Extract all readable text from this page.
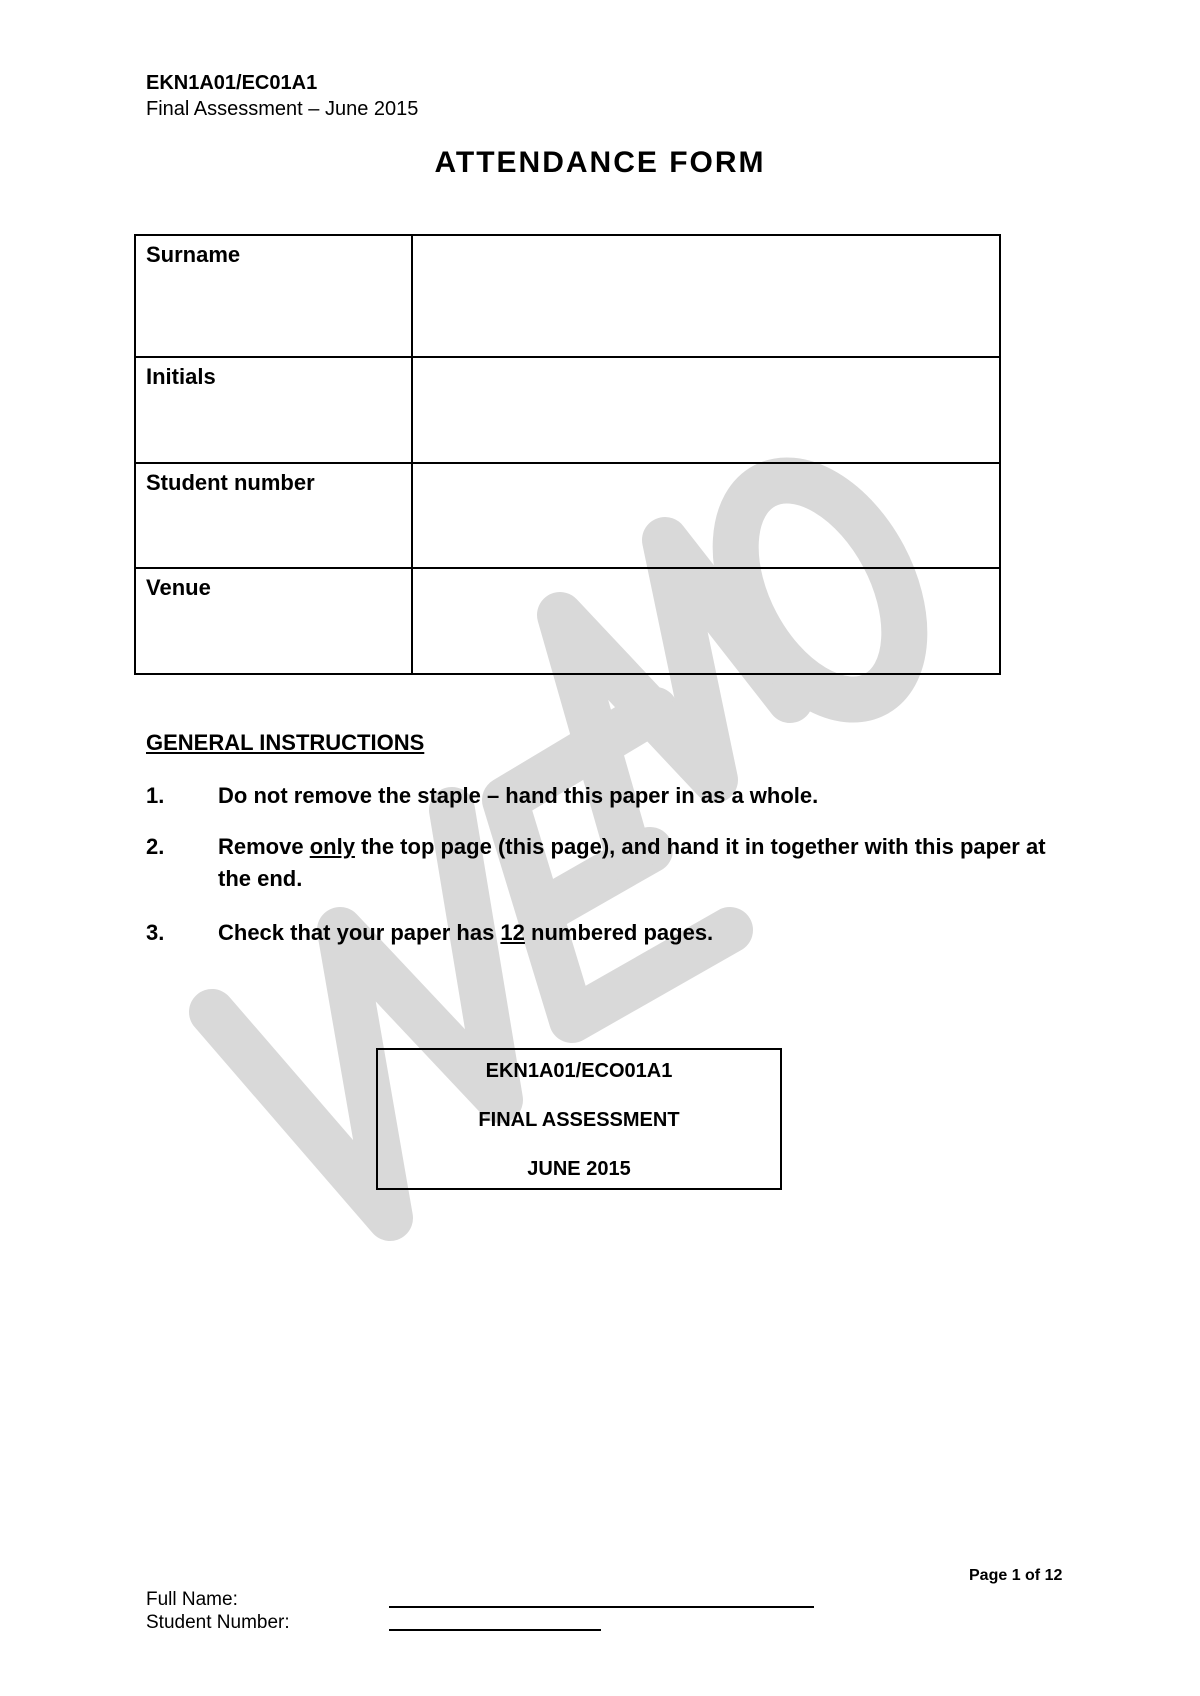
EKN1A01/EC01A1
Final Assessment – June 2015
ATTENDANCE FORM
Surname	
Initials	
Student number	
Venue	
GENERAL INSTRUCTIONS
1. Do not remove the staple – hand this paper in as a whole.
2. Remove only the top page (this page), and hand it in together with this paper at the end.
3. Check that your paper has 12 numbered pages.
EKN1A01/ECO01A1
FINAL ASSESSMENT
JUNE 2015
Page 1 of 12
Full Name:
Student Number:
